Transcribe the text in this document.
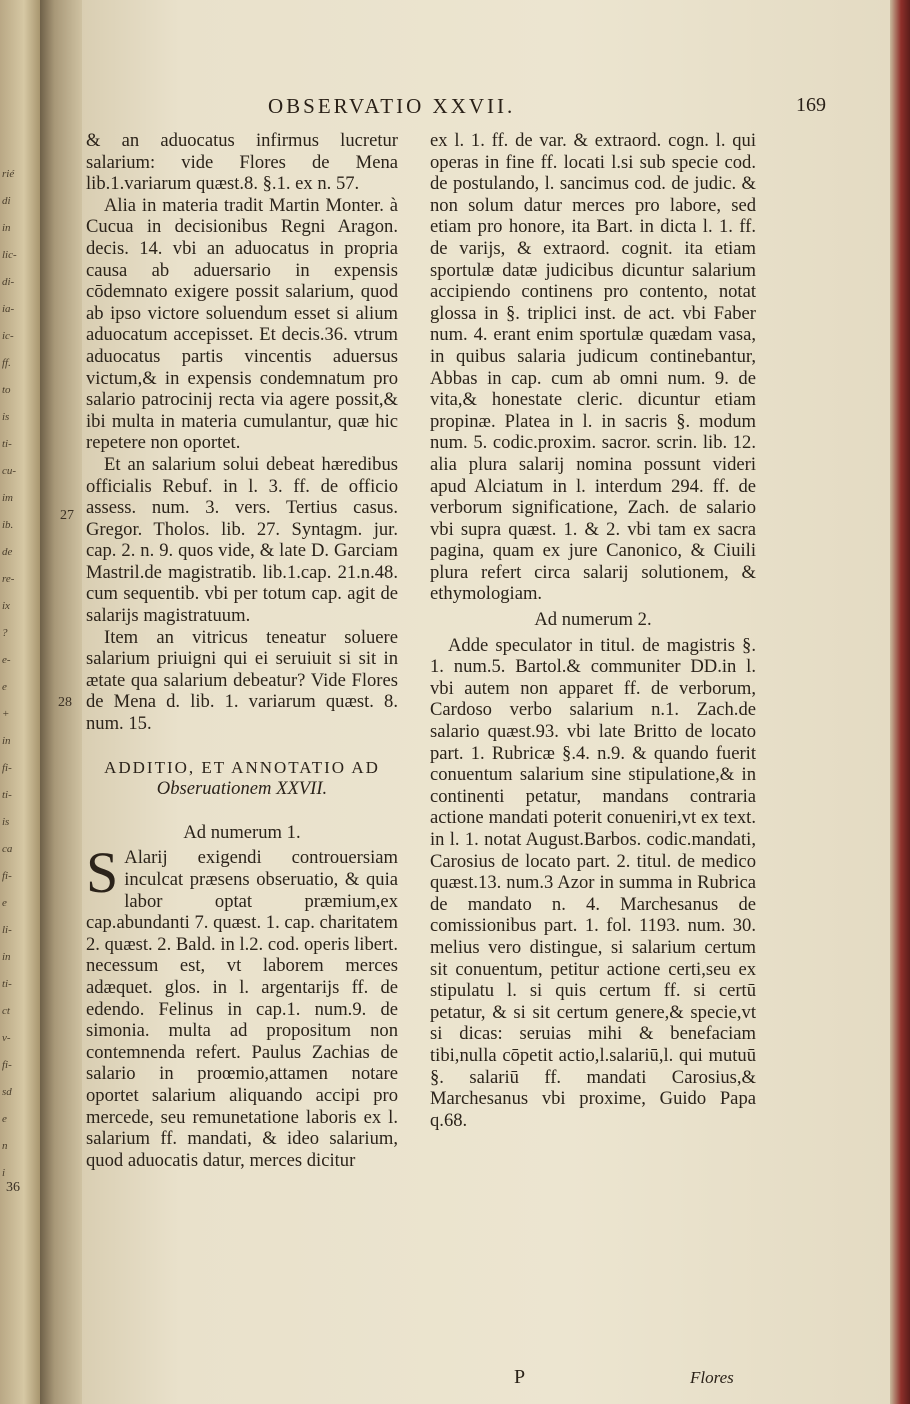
rié
di
in
lic-
di-
ia-
ic-
ff.
to
is
ti-
cu-
im
ib.
de
re-
ix
?
e-
e
+
in
fi-
ti-
is
ca
fi-
e
li-
in
ti-
ct
v-
fi-
sd
e
n
i
OBSERVATIO XXVII.	169
27
28
36

& an aduocatus infirmus lucretur salarium: vide Flores de Mena lib.1.variarum quæst.8. §.1. ex n. 57.

Alia in materia tradit Martin Monter. à Cucua in decisionibus Regni Aragon. decis. 14. vbi an aduocatus in propria causa ab aduersario in expensis cōdemnato exigere possit salarium, quod ab ipso victore soluendum esset si alium aduocatum accepisset. Et decis.36. vtrum aduocatus partis vincentis aduersus victum,& in expensis condemnatum pro salario patrocinij recta via agere possit,& ibi multa in materia cumulantur, quæ hic repetere non oportet.

Et an salarium solui debeat hæredibus officialis Rebuf. in l. 3. ff. de officio assess. num. 3. vers. Tertius casus. Gregor. Tholos. lib. 27. Syntagm. jur. cap. 2. n. 9. quos vide, & late D. Garciam Mastril.de magistratib. lib.1.cap. 21.n.48. cum sequentib. vbi per totum cap. agit de salarijs magistratuum.

Item an vitricus teneatur soluere salarium priuigni qui ei seruiuit si sit in ætate qua salarium debeatur? Vide Flores de Mena d. lib. 1. variarum quæst. 8. num. 15.

ADDITIO, ET ANNOTATIO AD
Obseruationem XXVII.
Ad numerum 1.

S Alarij exigendi controuersiam inculcat præsens obseruatio, & quia labor optat præmium,ex cap.abundanti 7. quæst. 1. cap. charitatem 2. quæst. 2. Bald. in l.2. cod. operis libert. necessum est, vt laborem merces adæquet. glos. in l. argentarijs ff. de edendo. Felinus in cap.1. num.9. de simonia. multa ad propositum non contemnenda refert. Paulus Zachias de salario in proœmio,attamen notare oportet salarium aliquando accipi pro mercede, seu remunetatione laboris ex l. salarium ff. mandati, & ideo salarium, quod aduocatis datur, merces dicitur

ex l. 1. ff. de var. & extraord. cogn. l. qui operas in fine ff. locati l.si sub specie cod. de postulando, l. sancimus cod. de judic. & non solum datur merces pro labore, sed etiam pro honore, ita Bart. in dicta l. 1. ff. de varijs, & extraord. cognit. ita etiam sportulæ datæ judicibus dicuntur salarium accipiendo continens pro contento, notat glossa in §. triplici inst. de act. vbi Faber num. 4. erant enim sportulæ quædam vasa, in quibus salaria judicum continebantur, Abbas in cap. cum ab omni num. 9. de vita,& honestate cleric. dicuntur etiam propinæ. Platea in l. in sacris §. modum num. 5. codic.proxim. sacror. scrin. lib. 12. alia plura salarij nomina possunt videri apud Alciatum in l. interdum 294. ff. de verborum significatione, Zach. de salario vbi supra quæst. 1. & 2. vbi tam ex sacra pagina, quam ex jure Canonico, & Ciuili plura refert circa salarij solutionem, & ethymologiam.

Ad numerum 2.

Adde speculator in titul. de magistris §. 1. num.5. Bartol.& communiter DD.in l. vbi autem non apparet ff. de verborum, Cardoso verbo salarium n.1. Zach.de salario quæst.93. vbi late Britto de locato part. 1. Rubricæ §.4. n.9. & quando fuerit conuentum salarium sine stipulatione,& in continenti petatur, mandans contraria actione mandati poterit conueniri,vt ex text. in l. 1. notat August.Barbos. codic.mandati, Carosius de locato part. 2. titul. de medico quæst.13. num.3 Azor in summa in Rubrica de mandato n. 4. Marchesanus de comissionibus part. 1. fol. 1193. num. 30. melius vero distingue, si salarium certum sit conuentum, petitur actione certi,seu ex stipulatu l. si quis certum ff. si certū petatur, & si sit certum genere,& specie,vt si dicas: seruias mihi & benefaciam tibi,nulla cōpetit actio,l.salariū,l. qui mutuū §. salariū ff. mandati Carosius,& Marchesanus vbi proxime, Guido Papa q.68.

P	Flores
